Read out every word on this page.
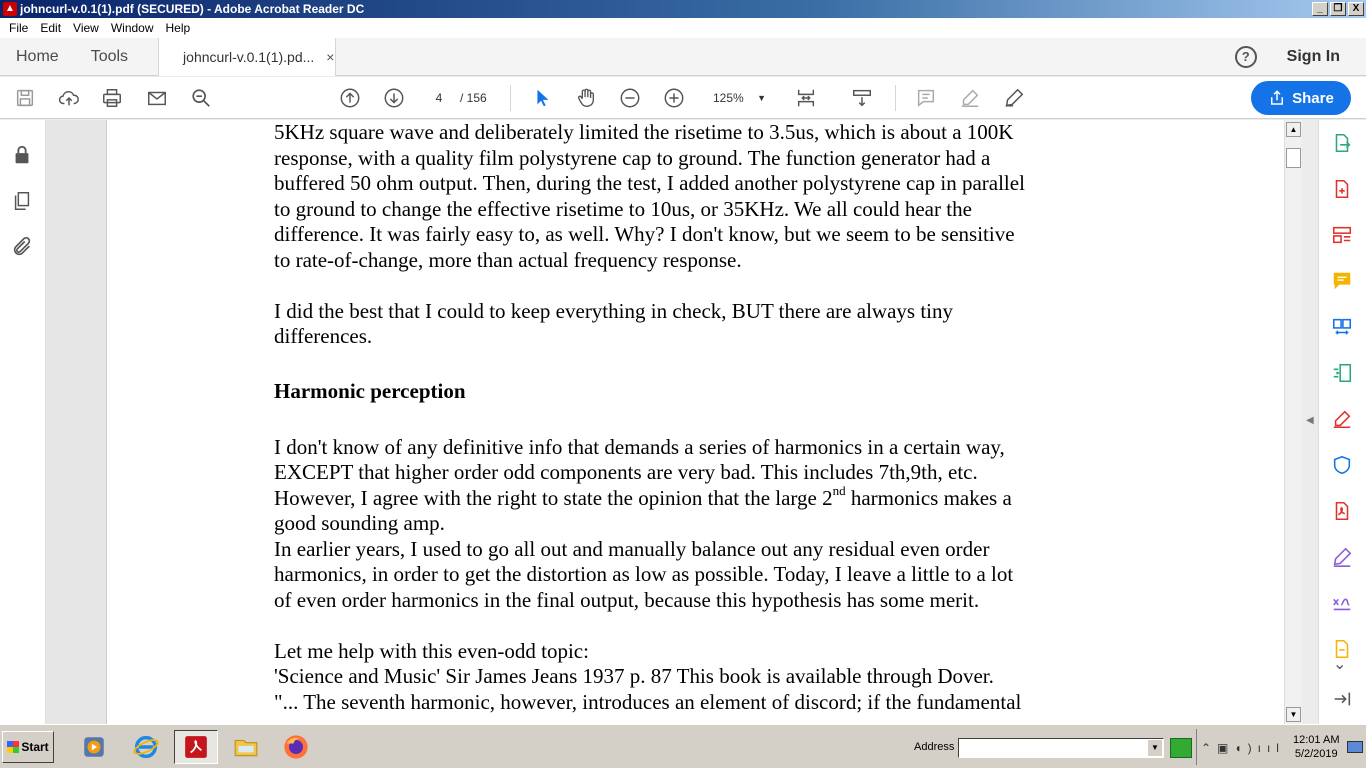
▲ johncurl-v.0.1(1).pdf (SECURED) - Adobe Acrobat Reader DC	_	❐	X
File	Edit	View	Window	Help
Home	Tools	johncurl-v.0.1(1).pd... ×	?	Sign In
4	/ 156	125% ▼	Share

5KHz square wave and deliberately limited the risetime to 3.5us, which is about a 100K

response, with a quality film polystyrene cap to ground. The function generator had a

buffered 50 ohm output. Then, during the test, I added another polystyrene cap in parallel

to ground to change the effective risetime to 10us, or 35KHz. We all could hear the

difference. It was fairly easy to, as well. Why? I don't know, but we seem to be sensitive

to rate-of-change, more than actual frequency response.

I did the best that I could to keep everything in check, BUT there are always tiny

differences.

Harmonic perception

I don't know of any definitive info that demands a series of harmonics in a certain way,

EXCEPT that higher order odd components are very bad. This includes 7th,9th, etc.

However, I agree with the right to state the opinion that the large 2nd harmonics makes a

good sounding amp.

In earlier years, I used to go all out and manually balance out any residual even order

harmonics, in order to get the distortion as low as possible. Today, I leave a little to a lot

of even order harmonics in the final output, because this hypothesis has some merit.

Let me help with this even-odd topic:

'Science and Music' Sir James Jeans 1937 p. 87 This book is available through Dover.

"... The seventh harmonic, however, introduces an element of discord; if the fundamental

▲
▼
◀
⌄
Start	Address	▼	⌃▣◖)ııl
12:01 AM
5/2/2019
